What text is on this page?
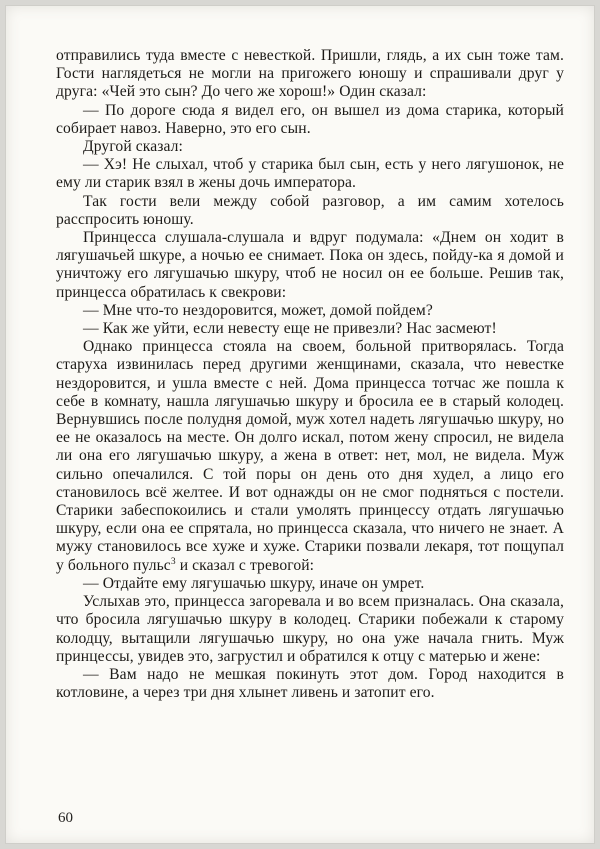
отправились туда вместе с невесткой. Пришли, глядь, а их сын тоже там. Гости наглядеться не могли на пригожего юношу и спрашивали друг у друга: «Чей это сын? До чего же хорош!» Один сказал:

— По дороге сюда я видел его, он вышел из дома старика, который собирает навоз. Наверно, это его сын.

Другой сказал:

— Хэ! Не слыхал, чтоб у старика был сын, есть у него лягушонок, не ему ли старик взял в жены дочь императора.

Так гости вели между собой разговор, а им самим хотелось расспросить юношу.

Принцесса слушала-слушала и вдруг подумала: «Днем он ходит в лягушачьей шкуре, а ночью ее снимает. Пока он здесь, пойду-ка я домой и уничтожу его лягушачью шкуру, чтоб не носил он ее больше. Решив так, принцесса обратилась к свекрови:

— Мне что-то нездоровится, может, домой пойдем?

— Как же уйти, если невесту еще не привезли? Нас засмеют!

Однако принцесса стояла на своем, больной притворялась. Тогда старуха извинилась перед другими женщинами, сказала, что невестке нездоровится, и ушла вместе с ней. Дома принцесса тотчас же пошла к себе в комнату, нашла лягушачью шкуру и бросила ее в старый колодец. Вернувшись после полудня домой, муж хотел надеть лягушачью шкуру, но ее не оказалось на месте. Он долго искал, потом жену спросил, не видела ли она его лягушачью шкуру, а жена в ответ: нет, мол, не видела. Муж сильно опечалился. С той поры он день ото дня худел, а лицо его становилось всё желтее. И вот однажды он не смог подняться с постели. Старики забеспокоились и стали умолять принцессу отдать лягушачью шкуру, если она ее спрятала, но принцесса сказала, что ничего не знает. А мужу становилось все хуже и хуже. Старики позвали лекаря, тот пощупал у больного пульс$^3$ и сказал с тревогой:

— Отдайте ему лягушачью шкуру, иначе он умрет.

Услыхав это, принцесса загоревала и во всем призналась. Она сказала, что бросила лягушачью шкуру в колодец. Старики побежали к старому колодцу, вытащили лягушачью шкуру, но она уже начала гнить. Муж принцессы, увидев это, загрустил и обратился к отцу с матерью и жене:

— Вам надо не мешкая покинуть этот дом. Город находится в котловине, а через три дня хлынет ливень и затопит его.

60
